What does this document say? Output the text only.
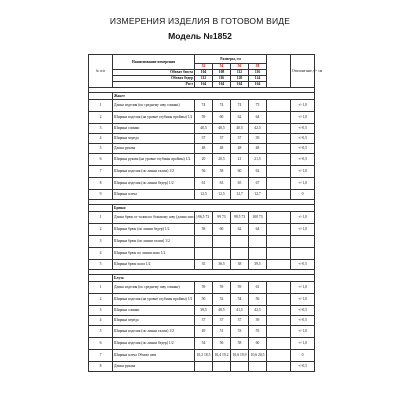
ИЗМЕРЕНИЯ ИЗДЕЛИЯ В ГОТОВОМ ВИДЕ
Модель №1852
№ п/п	Наименование измерения	Размеры, см					Отклоне ние,+/- см
		52	54	56	58		
	Обхват бюста	104	108	112	116		
	Обхват бедер	112	116	120	124		
	Рост	164	164	164	164		

	Жакет						
1	Длина изделия (по среднему шву спинки)	74	74	74	75		+/-1,0
2	Ширина изделия (на уровне глубины проймы) 1/2	59	60	62	64		+/-1,0
3	Ширина спинки	40,5	40,5	40,5	42,5		+/-0,5
4	Ширина переда	37	37	37	39		+/-0,5
5	Длина рукава	48	48	48	48		+/-0,5
6	Ширина рукава (на уровне глубины проймы) 1/2	20	20,5	21	21,5		+/-0,5
7	Ширина изделия (по линии талии) 1/2	56	58	60	62		+/-1,0
8	Ширина изделия (по линии бедер) 1/2	61	63	65	67		+/-1,0
9	Ширина плеча	12,5	12,5	12,7	12,7		0

	Брюки						
1	Длина брюк от талии по боковому шву (длина шага )	96,5 73	99 73	99,5 73	100 73		+/-1,0
2	Ширина брюк (по линии бедер) 1/2	58	60	62	64		+/-1,0
3	Ширина брюк (по линии талии) 1/2						
4	Ширина брюк по линии низа 1/2						
5	Ширина брюк шага 1/2	35	36,5	38	39,5		+/-0,5

	Блуза						
1	Длина изделия (по среднему шву спинки)	59	59	59	61		+/-1,0
2	Ширина изделия (на уровне глубины проймы) 1/2	50	52	54	56		+/-1,0
3	Ширина спинки	39,5	40,5	41,5	42,5		+/-0,5
4	Ширина переда	37	37	37	39		+/-0,5
5	Ширина изделия (по линии талии) 1/2	49	51	53	55		+/-1,0
6	Ширина изделия (по линии бедер) 1/2	54	56	58	60		+/-1,0
7	Ширина плеча Обхват шеи	10,2 18,5	10,4 19,2	10,6 19,9	10,6 20,5		0
8	Длина рукава						+/-0,5
